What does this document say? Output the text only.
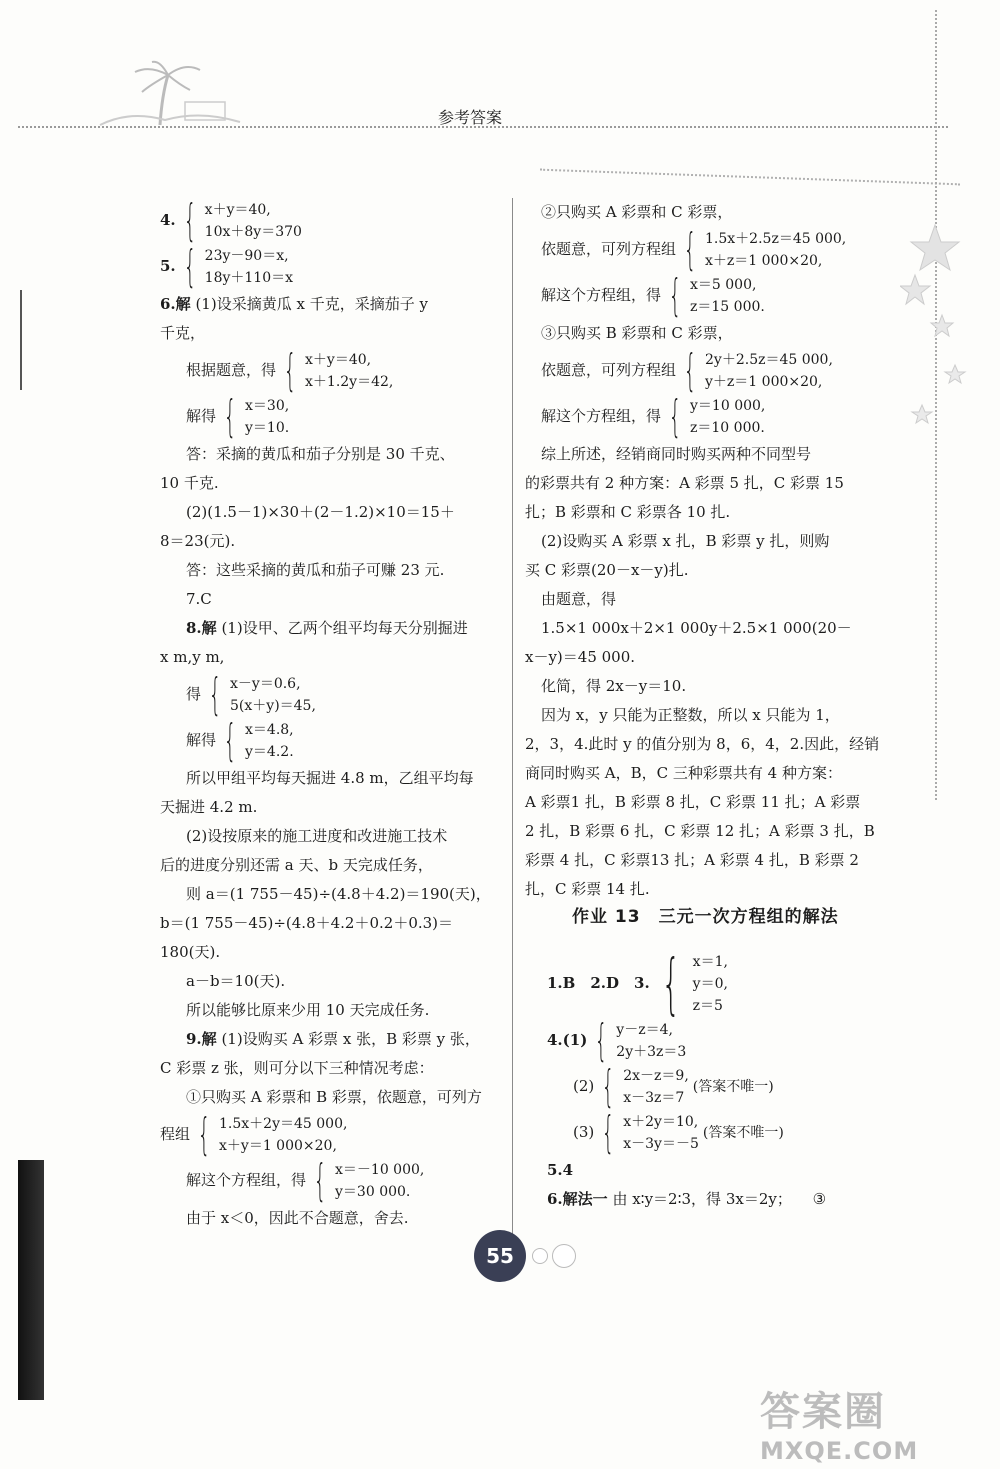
参考答案
4. { x＋y＝40,
10x＋8y＝370
5. { 23y－90＝x,
18y＋110＝x
6.解 (1)设采摘黄瓜 x 千克，采摘茄子 y
千克，
根据题意，得 { x＋y＝40,
x＋1.2y＝42,
解得 { x＝30,
y＝10.
答：采摘的黄瓜和茄子分别是 30 千克、
10 千克.
(2)(1.5－1)×30＋(2－1.2)×10＝15＋
8＝23(元).
答：这些采摘的黄瓜和茄子可赚 23 元.
7.C
8.解 (1)设甲、乙两个组平均每天分别掘进
x m,y m,
得 { x－y＝0.6,
5(x＋y)＝45,
解得 { x＝4.8,
y＝4.2.
所以甲组平均每天掘进 4.8 m，乙组平均每
天掘进 4.2 m.
(2)设按原来的施工进度和改进施工技术
后的进度分别还需 a 天、b 天完成任务，
则 a＝(1 755－45)÷(4.8＋4.2)＝190(天)，
b＝(1 755－45)÷(4.8＋4.2＋0.2＋0.3)＝
180(天).
a－b＝10(天).
所以能够比原来少用 10 天完成任务.
9.解 (1)设购买 A 彩票 x 张，B 彩票 y 张，
C 彩票 z 张，则可分以下三种情况考虑：
①只购买 A 彩票和 B 彩票，依题意，可列方
程组 { 1.5x＋2y＝45 000,
x＋y＝1 000×20,
解这个方程组，得 { x＝－10 000,
y＝30 000.
由于 x＜0，因此不合题意，舍去.
②只购买 A 彩票和 C 彩票，
依题意，可列方程组 { 1.5x＋2.5z＝45 000,
x＋z＝1 000×20,
解这个方程组，得 { x＝5 000,
z＝15 000.
③只购买 B 彩票和 C 彩票，
依题意，可列方程组 { 2y＋2.5z＝45 000,
y＋z＝1 000×20,
解这个方程组，得 { y＝10 000,
z＝10 000.
综上所述，经销商同时购买两种不同型号
的彩票共有 2 种方案：A 彩票 5 扎，C 彩票 15
扎；B 彩票和 C 彩票各 10 扎.
(2)设购买 A 彩票 x 扎，B 彩票 y 扎，则购
买 C 彩票(20－x－y)扎.
由题意，得
1.5×1 000x＋2×1 000y＋2.5×1 000(20－
x－y)＝45 000.
化简，得 2x－y＝10.
因为 x，y 只能为正整数，所以 x 只能为 1，
2，3，4.此时 y 的值分别为 8，6，4，2.因此，经销
商同时购买 A，B，C 三种彩票共有 4 种方案：
A 彩票1 扎，B 彩票 8 扎，C 彩票 11 扎；A 彩票
2 扎，B 彩票 6 扎，C 彩票 12 扎；A 彩票 3 扎，B
彩票 4 扎，C 彩票13 扎；A 彩票 4 扎，B 彩票 2
扎，C 彩票 14 扎.
作业 13　三元一次方程组的解法
1.B　2.D　3. { x＝1,
y＝0,
z＝5
4.(1) { y－z＝4,
2y＋3z＝3
(2) { 2x－z＝9,
x－3z＝7
(答案不唯一)
(3) { x＋2y＝10,
x－3y＝－5
(答案不唯一)
5.4
6.解法一 由 x∶y＝2∶3，得 3x＝2y； ③
55

答案圈
MXQE.COM
